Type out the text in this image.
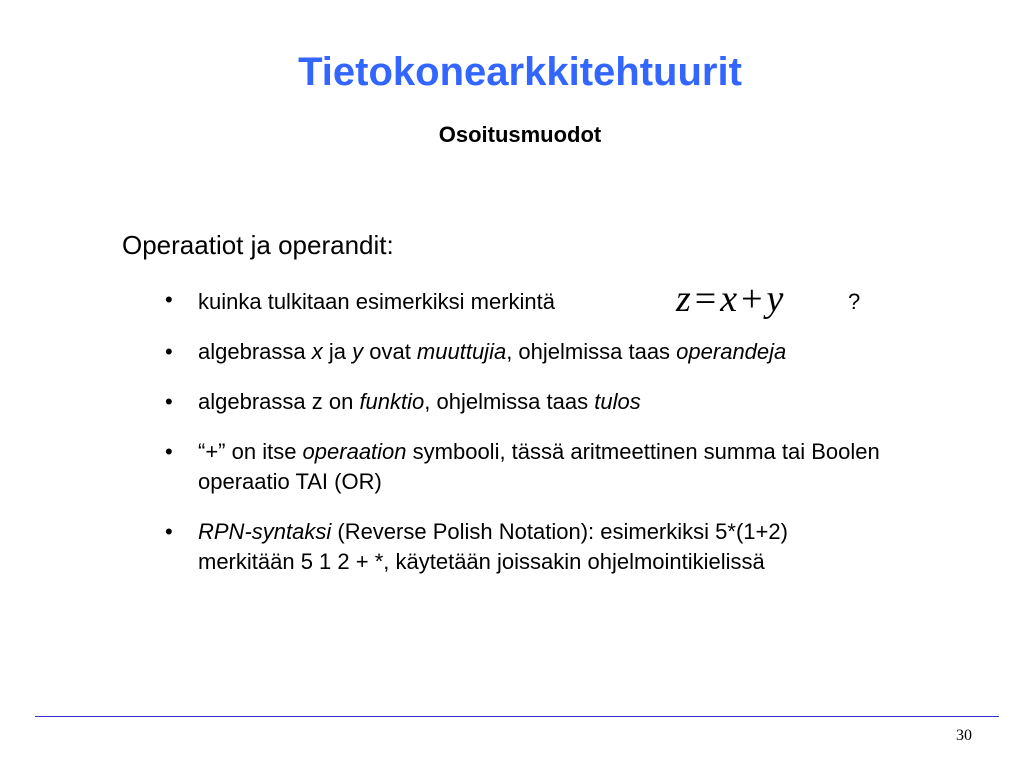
Tietokonearkkitehtuurit
Osoitusmuodot
Operaatiot ja operandit:
• kuinka tulkitaan esimerkiksi merkintä	z = x + y	?
• algebrassa x ja y ovat muuttujia, ohjelmissa taas operandeja
• algebrassa z on funktio, ohjelmissa taas tulos
• “+” on itse operaation symbooli, tässä aritmeettinen summa tai Boolen operaatio TAI (OR)
• RPN-syntaksi (Reverse Polish Notation): esimerkiksi 5*(1+2) merkitään 5 1 2 + *, käytetään joissakin ohjelmointikielissä
30
